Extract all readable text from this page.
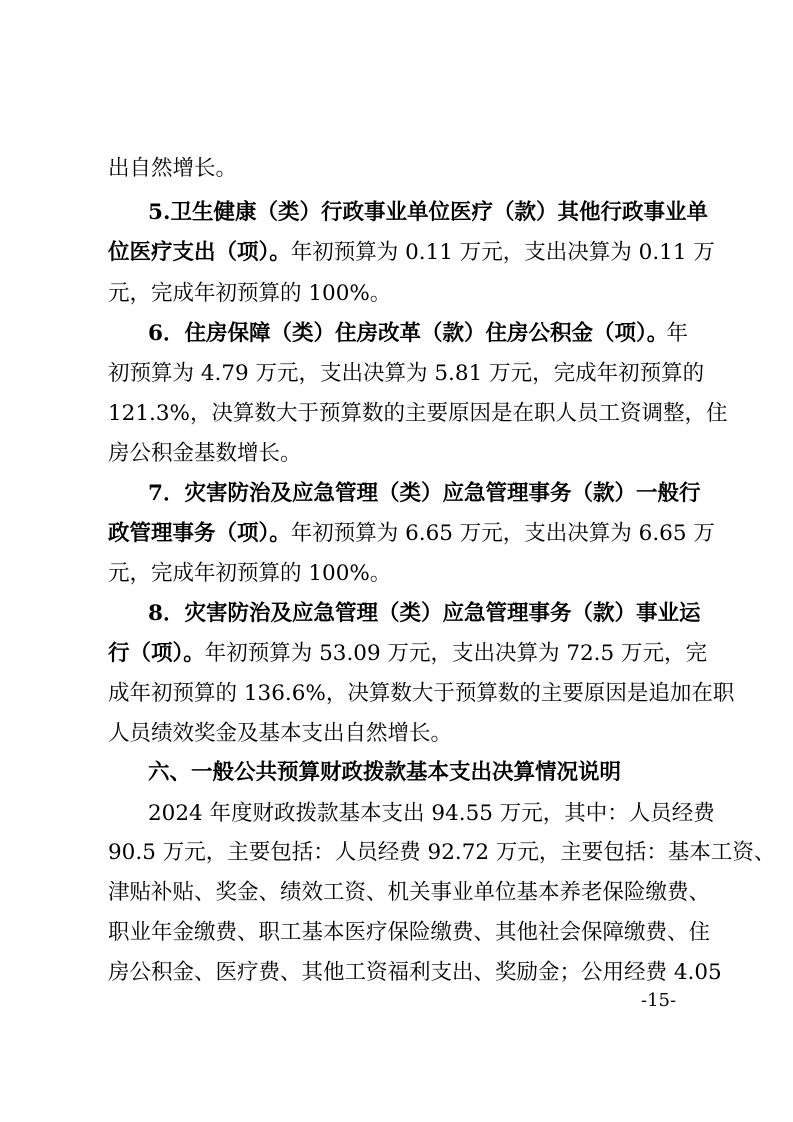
出自然增长。
5.卫生健康（类）行政事业单位医疗（款）其他行政事业单
位医疗支出（项）。年初预算为 0.11 万元，支出决算为 0.11 万
元，完成年初预算的 100%。
6．住房保障（类）住房改革（款）住房公积金（项）。
年
初预算为 4.79 万元，支出决算为 5.81 万元，完成年初预算的
121.3%，决算数大于预算数的主要原因是在职人员工资调整，住
房公积金基数增长。
7．灾害防治及应急管理（类）应急管理事务（款）一般行
政管理事务（项）。年初预算为 6.65 万元，支出决算为 6.65 万
元，完成年初预算的 100%。
8．灾害防治及应急管理（类）应急管理事务（款）事业运
行（项）。年初预算为 53.09 万元，支出决算为 72.5 万元，完
成年初预算的 136.6%，决算数大于预算数的主要原因是追加在职
人员绩效奖金及基本支出自然增长。
六、一般公共预算财政拨款基本支出决算情况说明
2024 年度财政拨款基本支出 94.55 万元，其中：人员经费
90.5 万元，主要包括：人员经费 92.72 万元，主要包括：基本工资、
津贴补贴、奖金、绩效工资、机关事业单位基本养老保险缴费、
职业年金缴费、职工基本医疗保险缴费、其他社会保障缴费、住
房公积金、医疗费、其他工资福利支出、奖励金；公用经费 4.05
-15-
